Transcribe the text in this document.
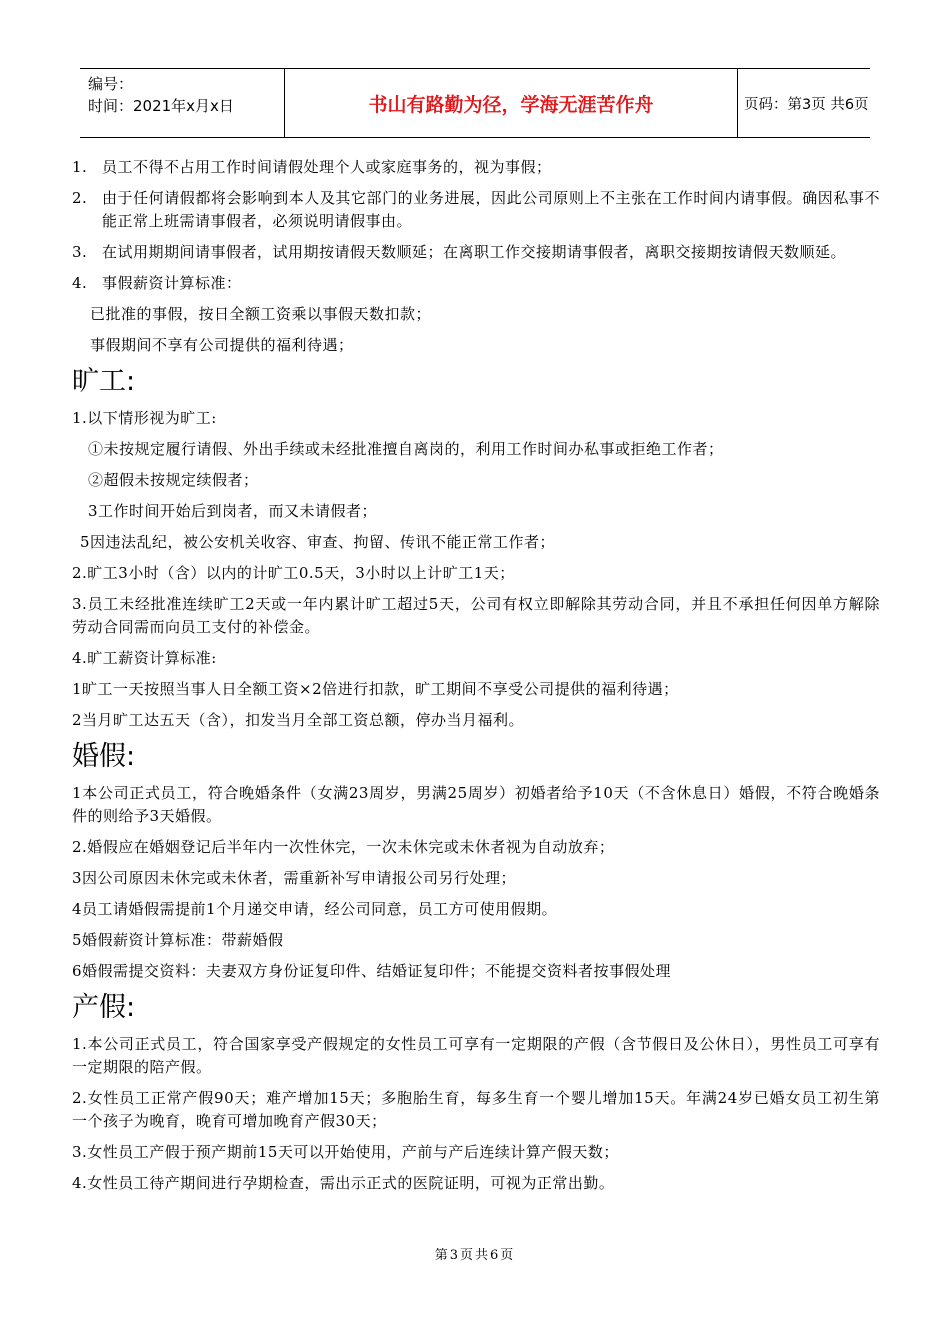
编号：
时间：2021年x月x日	书山有路勤为径，学海无涯苦作舟	页码：第3页 共6页
1. 员工不得不占用工作时间请假处理个人或家庭事务的，视为事假；
2. 由于任何请假都将会影响到本人及其它部门的业务进展，因此公司原则上不主张在工作时间内请事假。确因私事不能正常上班需请事假者，必须说明请假事由。
3. 在试用期期间请事假者，试用期按请假天数顺延；在离职工作交接期请事假者，离职交接期按请假天数顺延。
4. 事假薪资计算标准：
已批准的事假，按日全额工资乘以事假天数扣款；
事假期间不享有公司提供的福利待遇；
旷工:
1.以下情形视为旷工:
①未按规定履行请假、外出手续或未经批准擅自离岗的，利用工作时间办私事或拒绝工作者；
②超假未按规定续假者；
3工作时间开始后到岗者，而又未请假者；
5因违法乱纪，被公安机关收容、审查、拘留、传讯不能正常工作者；
2.旷工3小时（含）以内的计旷工0.5天，3小时以上计旷工1天；
3.员工未经批准连续旷工2天或一年内累计旷工超过5天，公司有权立即解除其劳动合同，并且不承担任何因单方解除劳动合同需而向员工支付的补偿金。
4.旷工薪资计算标准:
1旷工一天按照当事人日全额工资×2倍进行扣款，旷工期间不享受公司提供的福利待遇；
2当月旷工达五天（含），扣发当月全部工资总额，停办当月福利。
婚假:
1本公司正式员工，符合晚婚条件（女满23周岁，男满25周岁）初婚者给予10天（不含休息日）婚假，不符合晚婚条件的则给予3天婚假。
2.婚假应在婚姻登记后半年内一次性休完，一次未休完或未休者视为自动放弃；
3因公司原因未休完或未休者，需重新补写申请报公司另行处理；
4员工请婚假需提前1个月递交申请，经公司同意，员工方可使用假期。
5婚假薪资计算标准：带薪婚假
6婚假需提交资料：夫妻双方身份证复印件、结婚证复印件；不能提交资料者按事假处理
产假:
1.本公司正式员工，符合国家享受产假规定的女性员工可享有一定期限的产假（含节假日及公休日），男性员工可享有一定期限的陪产假。
2.女性员工正常产假90天；难产增加15天；多胞胎生育，每多生育一个婴儿增加15天。年满24岁已婚女员工初生第一个孩子为晚育，晚育可增加晚育产假30天；
3.女性员工产假于预产期前15天可以开始使用，产前与产后连续计算产假天数；
4.女性员工待产期间进行孕期检查，需出示正式的医院证明，可视为正常出勤。
第3页共6页
